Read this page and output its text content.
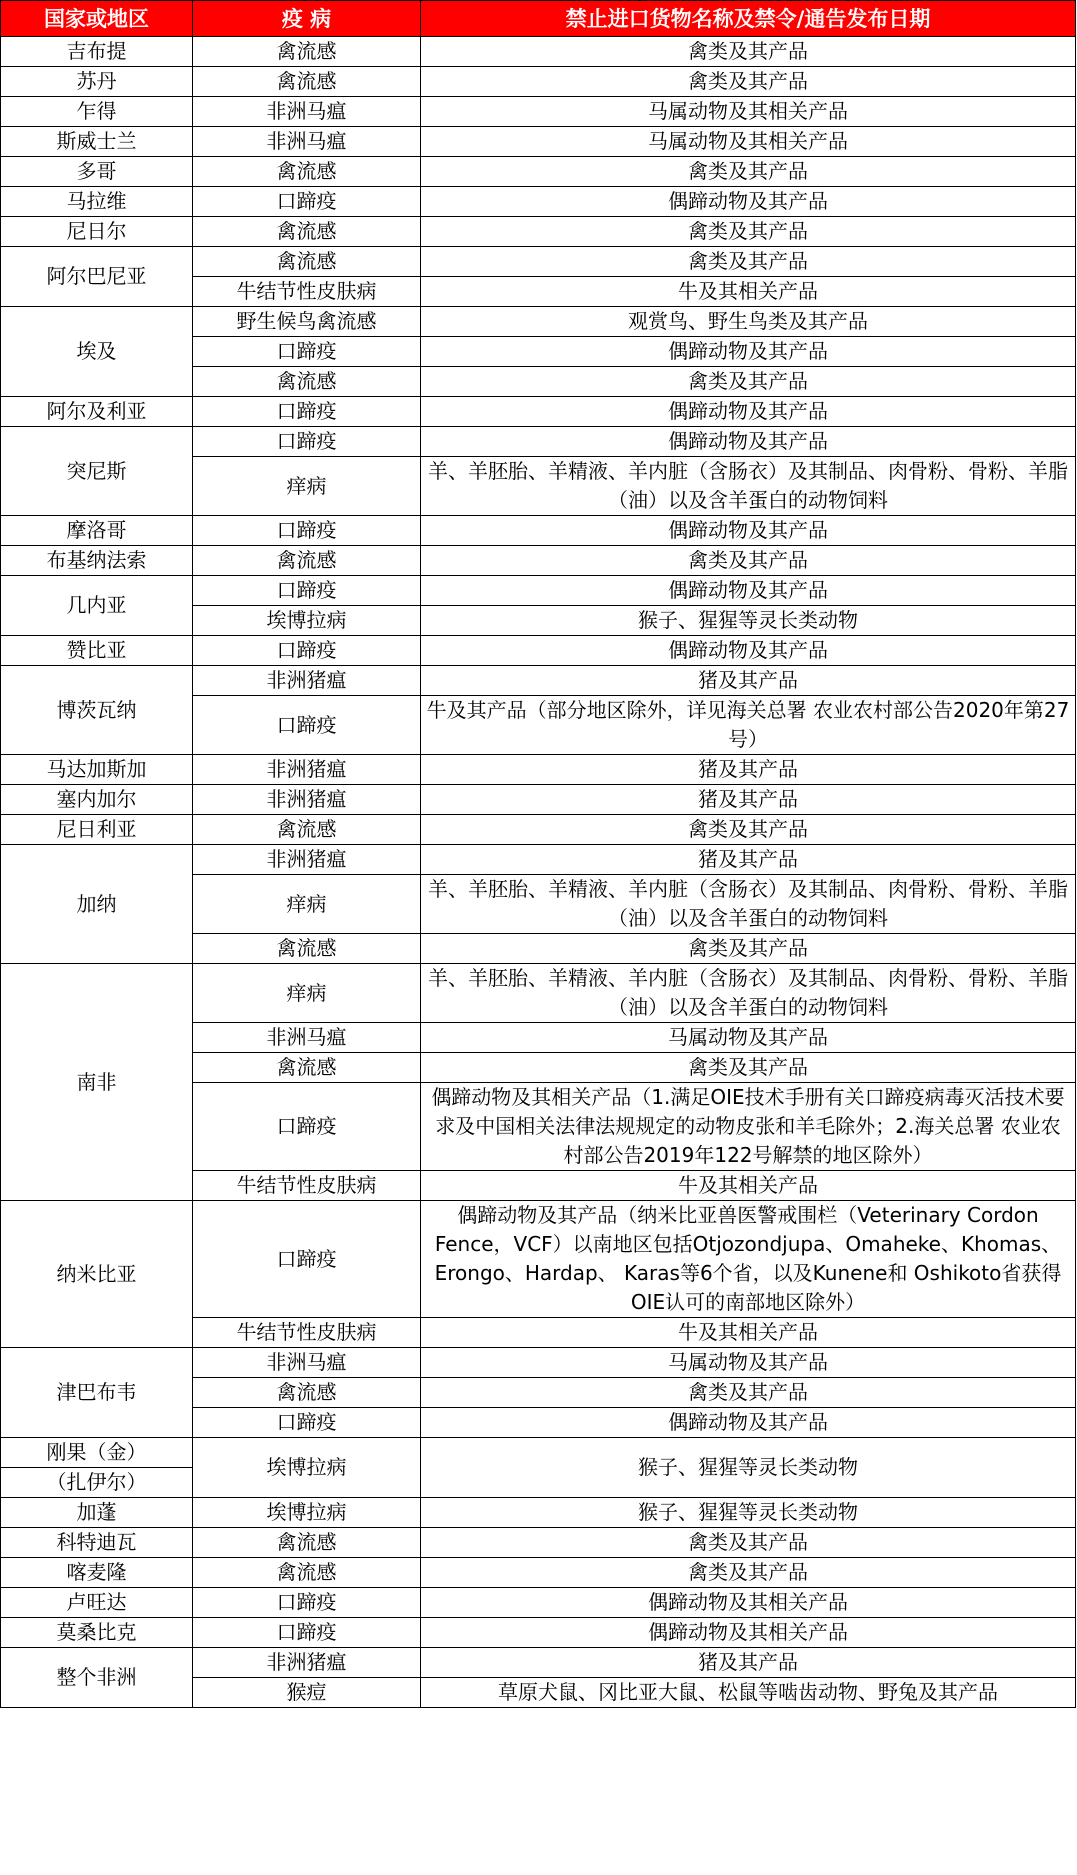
国家或地区	疫 病	禁止进口货物名称及禁令/通告发布日期
吉布提	禽流感	禽类及其产品
苏丹	禽流感	禽类及其产品
乍得	非洲马瘟	马属动物及其相关产品
斯威士兰	非洲马瘟	马属动物及其相关产品
多哥	禽流感	禽类及其产品
马拉维	口蹄疫	偶蹄动物及其产品
尼日尔	禽流感	禽类及其产品
阿尔巴尼亚	禽流感	禽类及其产品
	牛结节性皮肤病	牛及其相关产品
埃及	野生候鸟禽流感	观赏鸟、野生鸟类及其产品
	口蹄疫	偶蹄动物及其产品
	禽流感	禽类及其产品
阿尔及利亚	口蹄疫	偶蹄动物及其产品
突尼斯	口蹄疫	偶蹄动物及其产品
	痒病	羊、羊胚胎、羊精液、羊内脏（含肠衣）及其制品、肉骨粉、骨粉、羊脂（油）以及含羊蛋白的动物饲料
摩洛哥	口蹄疫	偶蹄动物及其产品
布基纳法索	禽流感	禽类及其产品
几内亚	口蹄疫	偶蹄动物及其产品
	埃博拉病	猴子、猩猩等灵长类动物
赞比亚	口蹄疫	偶蹄动物及其产品
博茨瓦纳	非洲猪瘟	猪及其产品
	口蹄疫	牛及其产品（部分地区除外，详见海关总署 农业农村部公告2020年第27号）
马达加斯加	非洲猪瘟	猪及其产品
塞内加尔	非洲猪瘟	猪及其产品
尼日利亚	禽流感	禽类及其产品
加纳	非洲猪瘟	猪及其产品
	痒病	羊、羊胚胎、羊精液、羊内脏（含肠衣）及其制品、肉骨粉、骨粉、羊脂（油）以及含羊蛋白的动物饲料
	禽流感	禽类及其产品
南非	痒病	羊、羊胚胎、羊精液、羊内脏（含肠衣）及其制品、肉骨粉、骨粉、羊脂（油）以及含羊蛋白的动物饲料
	非洲马瘟	马属动物及其产品
	禽流感	禽类及其产品
	口蹄疫	偶蹄动物及其相关产品（1.满足OIE技术手册有关口蹄疫病毒灭活技术要求及中国相关法律法规规定的动物皮张和羊毛除外；2.海关总署 农业农村部公告2019年122号解禁的地区除外）
	牛结节性皮肤病	牛及其相关产品
纳米比亚	口蹄疫	偶蹄动物及其产品（纳米比亚兽医警戒围栏（Veterinary Cordon Fence，VCF）以南地区包括Otjozondjupa、Omaheke、Khomas、Erongo、Hardap、 Karas等6个省，以及Kunene和 Oshikoto省获得OIE认可的南部地区除外）
	牛结节性皮肤病	牛及其相关产品
津巴布韦	非洲马瘟	马属动物及其产品
	禽流感	禽类及其产品
	口蹄疫	偶蹄动物及其产品
刚果（金）	埃博拉病	猴子、猩猩等灵长类动物
（扎伊尔）		
加蓬	埃博拉病	猴子、猩猩等灵长类动物
科特迪瓦	禽流感	禽类及其产品
喀麦隆	禽流感	禽类及其产品
卢旺达	口蹄疫	偶蹄动物及其相关产品
莫桑比克	口蹄疫	偶蹄动物及其相关产品
整个非洲	非洲猪瘟	猪及其产品
	猴痘	草原犬鼠、冈比亚大鼠、松鼠等啮齿动物、野兔及其产品
